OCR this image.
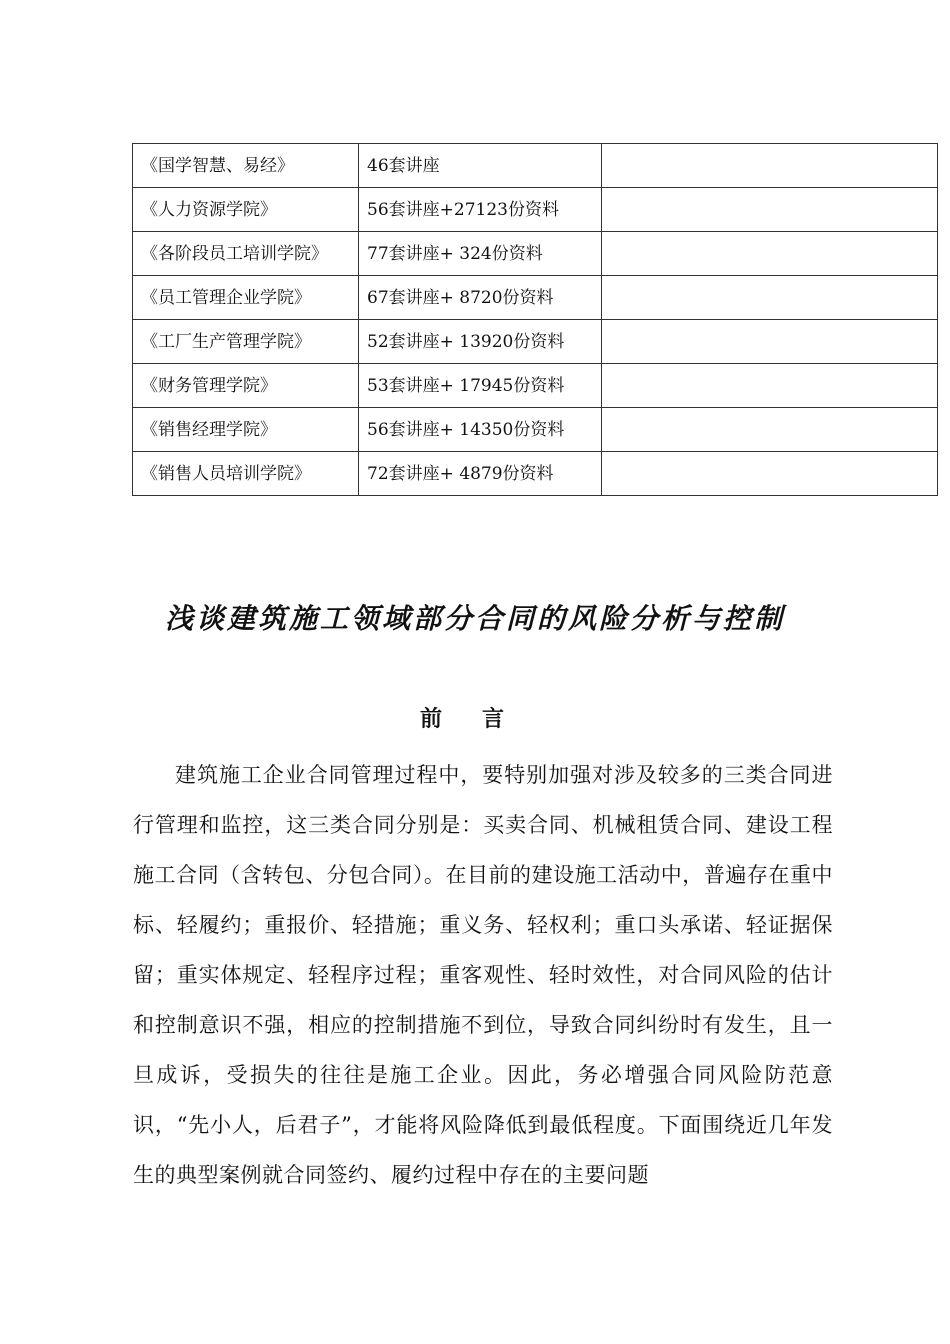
《国学智慧、易经》	46套讲座	
《人力资源学院》	56套讲座+27123份资料	
《各阶段员工培训学院》	77套讲座+ 324份资料	
《员工管理企业学院》	67套讲座+ 8720份资料	
《工厂生产管理学院》	52套讲座+ 13920份资料	
《财务管理学院》	53套讲座+ 17945份资料	
《销售经理学院》	56套讲座+ 14350份资料	
《销售人员培训学院》	72套讲座+ 4879份资料	
浅谈建筑施工领域部分合同的风险分析与控制
前言

建筑施工企业合同管理过程中，要特别加强对涉及较多的三类合同进行管理和监控，这三类合同分别是：买卖合同、机械租赁合同、建设工程施工合同（含转包、分包合同）。在目前的建设施工活动中，普遍存在重中标、轻履约；重报价、轻措施；重义务、轻权利；重口头承诺、轻证据保留；重实体规定、轻程序过程；重客观性、轻时效性，对合同风险的估计和控制意识不强，相应的控制措施不到位，导致合同纠纷时有发生，且一旦成诉，受损失的往往是施工企业。因此，务必增强合同风险防范意识，“先小人，后君子”，才能将风险降低到最低程度。下面围绕近几年发生的典型案例就合同签约、履约过程中存在的主要问题
